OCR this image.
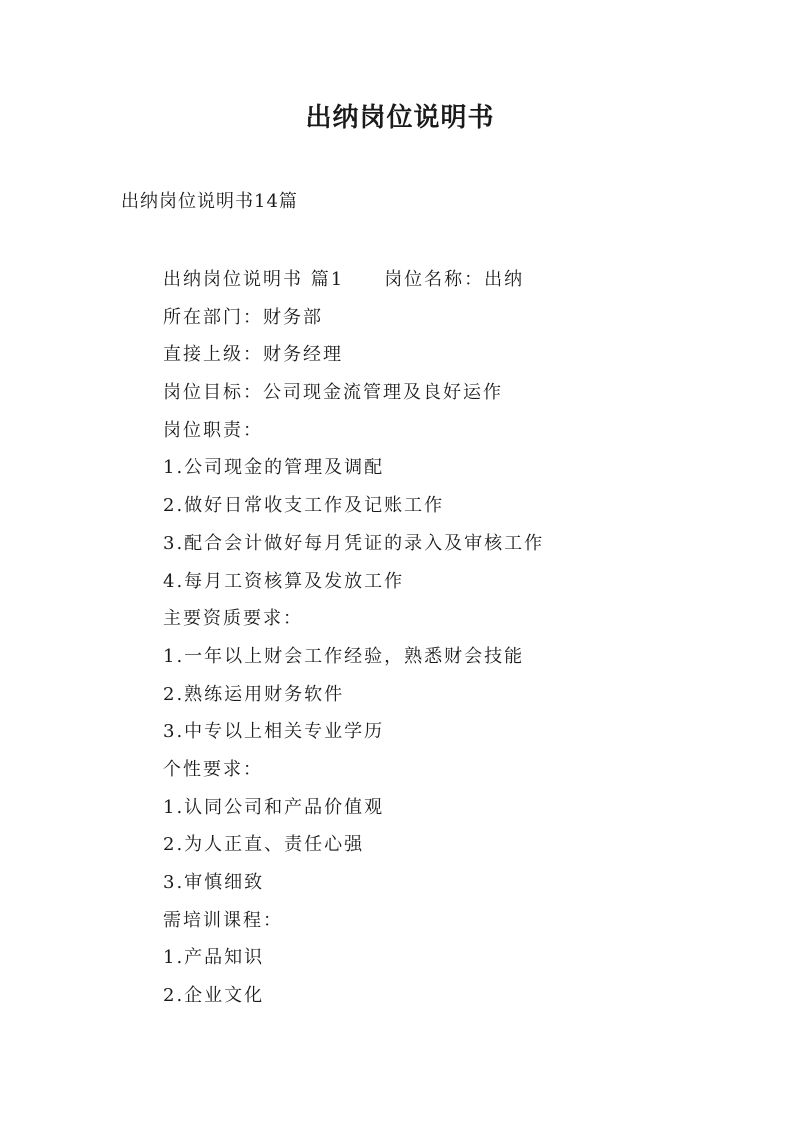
出纳岗位说明书
出纳岗位说明书14篇
出纳岗位说明书 篇1 岗位名称：出纳
所在部门：财务部
直接上级：财务经理
岗位目标：公司现金流管理及良好运作
岗位职责：
1.公司现金的管理及调配
2.做好日常收支工作及记账工作
3.配合会计做好每月凭证的录入及审核工作
4.每月工资核算及发放工作
主要资质要求：
1.一年以上财会工作经验，熟悉财会技能
2.熟练运用财务软件
3.中专以上相关专业学历
个性要求：
1.认同公司和产品价值观
2.为人正直、责任心强
3.审慎细致
需培训课程：
1.产品知识
2.企业文化
